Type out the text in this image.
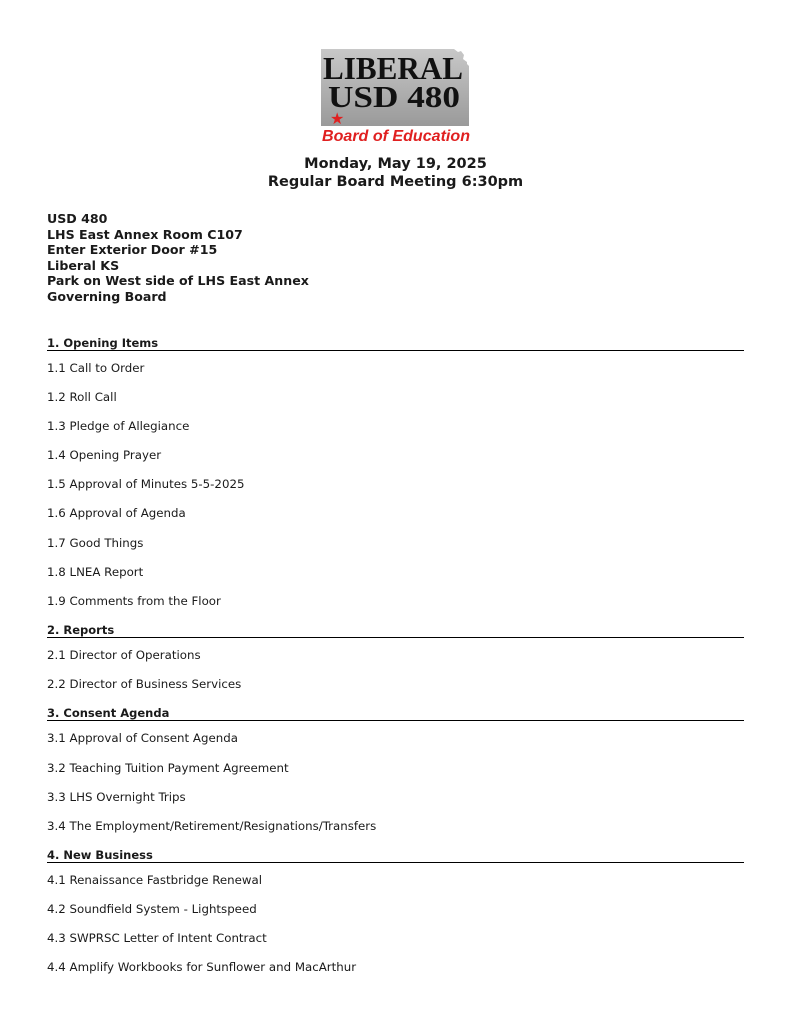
LIBERAL
USD 480
★
Board of Education
Monday, May 19, 2025
Regular Board Meeting 6:30pm
USD 480
LHS East Annex Room C107
Enter Exterior Door #15
Liberal KS
Park on West side of LHS East Annex
Governing Board
1. Opening Items
1.1 Call to Order
1.2 Roll Call
1.3 Pledge of Allegiance
1.4 Opening Prayer
1.5 Approval of Minutes 5-5-2025
1.6 Approval of Agenda
1.7 Good Things
1.8 LNEA Report
1.9 Comments from the Floor
2. Reports
2.1 Director of Operations
2.2 Director of Business Services
3. Consent Agenda
3.1 Approval of Consent Agenda
3.2 Teaching Tuition Payment Agreement
3.3 LHS Overnight Trips
3.4 The Employment/Retirement/Resignations/Transfers
4. New Business
4.1 Renaissance Fastbridge Renewal
4.2 Soundfield System - Lightspeed
4.3 SWPRSC Letter of Intent Contract
4.4 Amplify Workbooks for Sunflower and MacArthur
